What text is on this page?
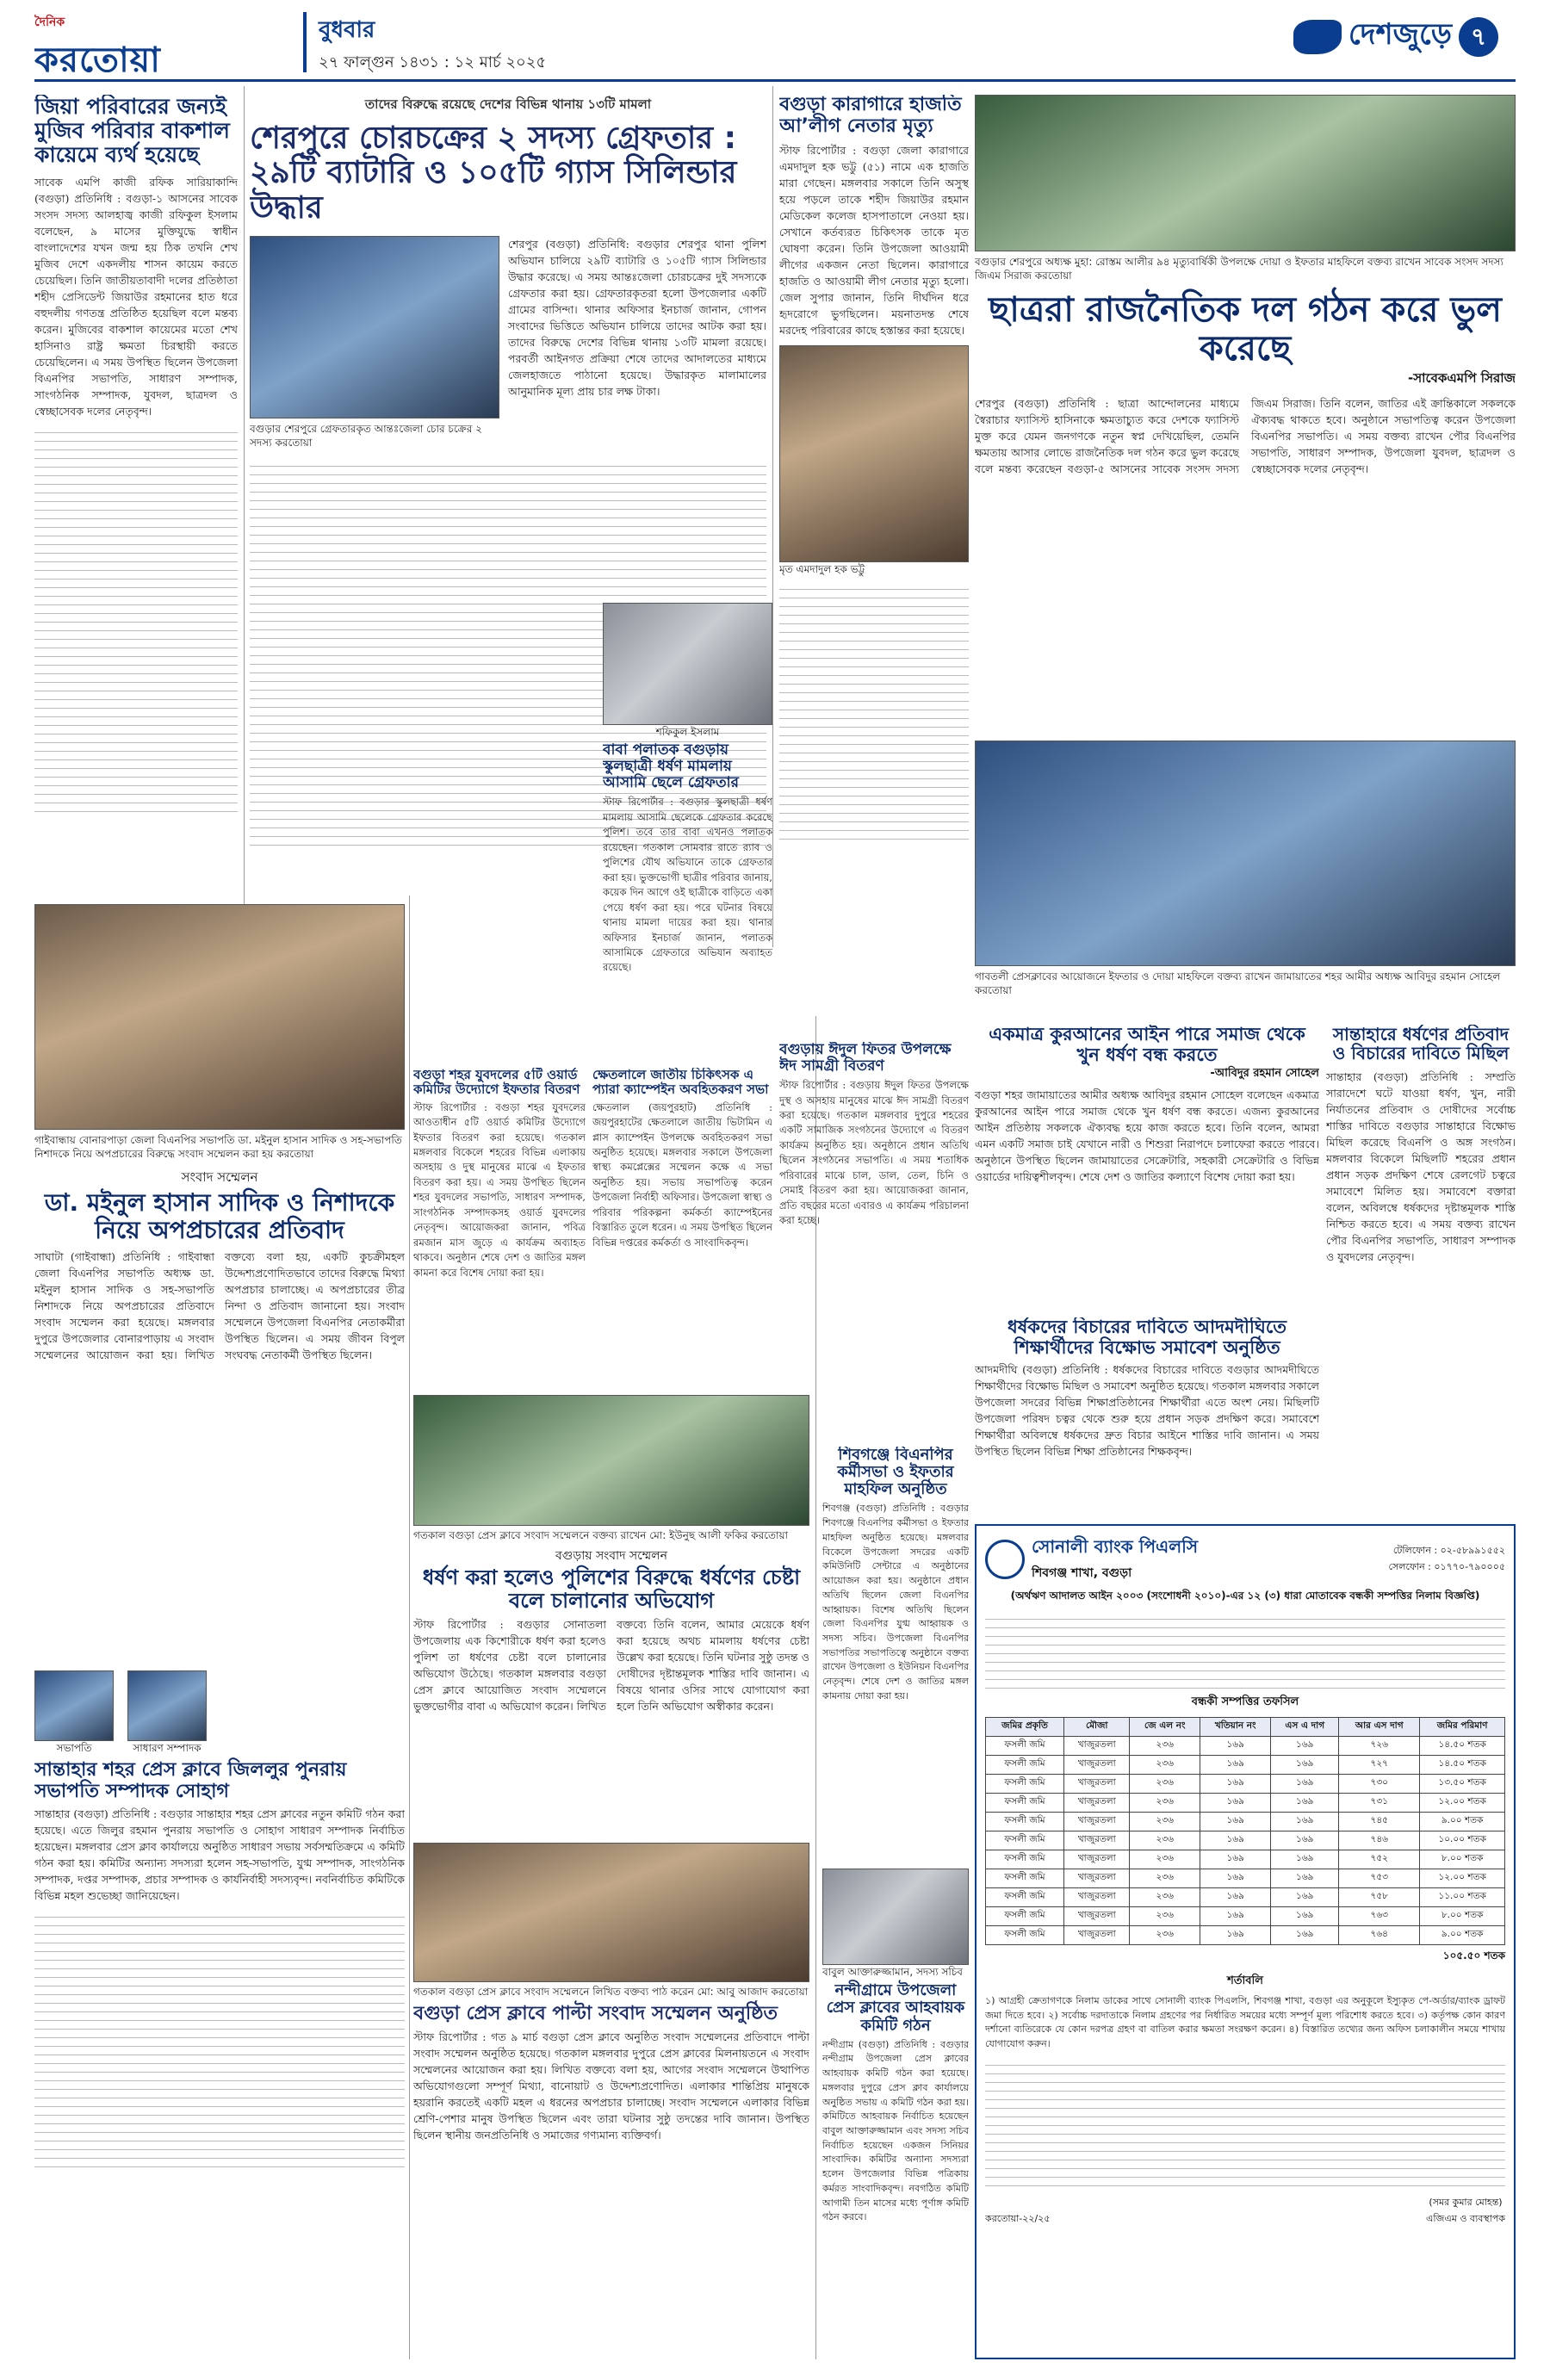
দৈনিক
করতোয়া
বুধবার
২৭ ফাল্গুন ১৪৩১ : ১২ মার্চ ২০২৫
দেশজুড়ে ৭
জিয়া পরিবারের জন্যই মুজিব পরিবার বাকশাল কায়েমে ব্যর্থ হয়েছে
সাবেক এমপি কাজী রফিক সারিয়াকান্দি (বগুড়া) প্রতিনিধি : বগুড়া-১ আসনের সাবেক সংসদ সদস্য আলহাজ্ব কাজী রফিকুল ইসলাম বলেছেন, ৯ মাসের মুক্তিযুদ্ধে স্বাধীন বাংলাদেশের যখন জন্ম হয় ঠিক তখনি শেখ মুজিব দেশে একদলীয় শাসন কায়েম করতে চেয়েছিল। তিনি জাতীয়তাবাদী দলের প্রতিষ্ঠাতা শহীদ প্রেসিডেন্ট জিয়াউর রহমানের হাত ধরে বহুদলীয় গণতন্ত্র প্রতিষ্ঠিত হয়েছিল বলে মন্তব্য করেন। মুজিবের বাকশাল কায়েমের মতো শেখ হাসিনাও রাষ্ট্র ক্ষমতা চিরস্থায়ী করতে চেয়েছিলেন। এ সময় উপস্থিত ছিলেন উপজেলা বিএনপির সভাপতি, সাধারণ সম্পাদক, সাংগঠনিক সম্পাদক, যুবদল, ছাত্রদল ও স্বেচ্ছাসেবক দলের নেতৃবৃন্দ।
তাদের বিরুদ্ধে রয়েছে দেশের বিভিন্ন থানায় ১৩টি মামলা
শেরপুরে চোরচক্রের ২ সদস্য গ্রেফতার : ২৯টি ব্যাটারি ও ১০৫টি গ্যাস সিলিন্ডার উদ্ধার
বগুড়ার শেরপুরে গ্রেফতারকৃত আন্তঃজেলা চোর চক্রের ২ সদস্য করতোয়া
শেরপুর (বগুড়া) প্রতিনিধি: বগুড়ার শেরপুর থানা পুলিশ অভিযান চালিয়ে ২৯টি ব্যাটারি ও ১০৫টি গ্যাস সিলিন্ডার উদ্ধার করেছে। এ সময় আন্তঃজেলা চোরচক্রের দুই সদস্যকে গ্রেফতার করা হয়। গ্রেফতারকৃতরা হলো উপজেলার একটি গ্রামের বাসিন্দা। থানার অফিসার ইনচার্জ জানান, গোপন সংবাদের ভিত্তিতে অভিযান চালিয়ে তাদের আটক করা হয়। তাদের বিরুদ্ধে দেশের বিভিন্ন থানায় ১৩টি মামলা রয়েছে। পরবর্তী আইনগত প্রক্রিয়া শেষে তাদের আদালতের মাধ্যমে জেলহাজতে পাঠানো হয়েছে। উদ্ধারকৃত মালামালের আনুমানিক মূল্য প্রায় চার লক্ষ টাকা।
বগুড়া কারাগারে হাজতি আ’লীগ নেতার মৃত্যু
স্টাফ রিপোর্টার : বগুড়া জেলা কারাগারে এমদাদুল হক ভট্টু (৫১) নামে এক হাজতি মারা গেছেন। মঙ্গলবার সকালে তিনি অসুস্থ হয়ে পড়লে তাকে শহীদ জিয়াউর রহমান মেডিকেল কলেজ হাসপাতালে নেওয়া হয়। সেখানে কর্তব্যরত চিকিৎসক তাকে মৃত ঘোষণা করেন। তিনি উপজেলা আওয়ামী লীগের একজন নেতা ছিলেন। কারাগারে হাজতি ও আওয়ামী লীগ নেতার মৃত্যু হলো। জেল সুপার জানান, তিনি দীর্ঘদিন ধরে হৃদরোগে ভুগছিলেন। ময়নাতদন্ত শেষে মরদেহ পরিবারের কাছে হস্তান্তর করা হয়েছে।
মৃত এমদাদুল হক ভট্টু
বগুড়ার শেরপুরে অধ্যক্ষ মুহা: রোস্তম আলীর ৯৪ মৃত্যুবার্ষিকী উপলক্ষে দোয়া ও ইফতার মাহফিলে বক্তব্য রাখেন সাবেক সংসদ সদস্য জিএম সিরাজ করতোয়া
ছাত্ররা রাজনৈতিক দল গঠন করে ভুল করেছে
-সাবেকএমপি সিরাজ
শেরপুর (বগুড়া) প্রতিনিধি : ছাত্রা আন্দোলনের মাধ্যমে স্বৈরাচার ফ্যাসিস্ট হাসিনাকে ক্ষমতাচ্যুত করে দেশকে ফ্যাসিস্ট মুক্ত করে যেমন জনগণকে নতুন স্বপ্ন দেখিয়েছিল, তেমনি ক্ষমতায় আসার লোভে রাজনৈতিক দল গঠন করে ভুল করেছে বলে মন্তব্য করেছেন বগুড়া-৫ আসনের সাবেক সংসদ সদস্য জিএম সিরাজ। তিনি বলেন, জাতির এই ক্রান্তিকালে সকলকে ঐক্যবদ্ধ থাকতে হবে। অনুষ্ঠানে সভাপতিত্ব করেন উপজেলা বিএনপির সভাপতি। এ সময় বক্তব্য রাখেন পৌর বিএনপির সভাপতি, সাধারণ সম্পাদক, উপজেলা যুবদল, ছাত্রদল ও স্বেচ্ছাসেবক দলের নেতৃবৃন্দ।
গাবতলী প্রেসক্লাবের আয়োজনে ইফতার ও দোয়া মাহফিলে বক্তব্য রাখেন জামায়াতের শহর আমীর অধ্যক্ষ আবিদুর রহমান সোহেল করতোয়া
একমাত্র কুরআনের আইন পারে সমাজ থেকে খুন ধর্ষণ বন্ধ করতে
-আবিদুর রহমান সোহেল
বগুড়া শহর জামায়াতের আমীর অধ্যক্ষ আবিদুর রহমান সোহেল বলেছেন একমাত্র কুরআনের আইন পারে সমাজ থেকে খুন ধর্ষণ বন্ধ করতে। এজন্য কুরআনের আইন প্রতিষ্ঠায় সকলকে ঐক্যবদ্ধ হয়ে কাজ করতে হবে। তিনি বলেন, আমরা এমন একটি সমাজ চাই যেখানে নারী ও শিশুরা নিরাপদে চলাফেরা করতে পারবে। অনুষ্ঠানে উপস্থিত ছিলেন জামায়াতের সেক্রেটারি, সহকারী সেক্রেটারি ও বিভিন্ন ওয়ার্ডের দায়িত্বশীলবৃন্দ। শেষে দেশ ও জাতির কল্যাণে বিশেষ দোয়া করা হয়।
সান্তাহারে ধর্ষণের প্রতিবাদ ও বিচারের দাবিতে মিছিল
সান্তাহার (বগুড়া) প্রতিনিধি : সম্প্রতি সারাদেশে ঘটে যাওয়া ধর্ষণ, খুন, নারী নির্যাতনের প্রতিবাদ ও দোষীদের সর্বোচ্চ শাস্তির দাবিতে বগুড়ার সান্তাহারে বিক্ষোভ মিছিল করেছে বিএনপি ও অঙ্গ সংগঠন। মঙ্গলবার বিকেলে মিছিলটি শহরের প্রধান প্রধান সড়ক প্রদক্ষিণ শেষে রেলগেট চত্বরে সমাবেশে মিলিত হয়। সমাবেশে বক্তারা বলেন, অবিলম্বে ধর্ষকদের দৃষ্টান্তমূলক শাস্তি নিশ্চিত করতে হবে। এ সময় বক্তব্য রাখেন পৌর বিএনপির সভাপতি, সাধারণ সম্পাদক ও যুবদলের নেতৃবৃন্দ।
ধর্ষকদের বিচারের দাবিতে আদমদীঘিতে শিক্ষার্থীদের বিক্ষোভ সমাবেশ অনুষ্ঠিত
আদমদীঘি (বগুড়া) প্রতিনিধি : ধর্ষকদের বিচারের দাবিতে বগুড়ার আদমদীঘিতে শিক্ষার্থীদের বিক্ষোভ মিছিল ও সমাবেশ অনুষ্ঠিত হয়েছে। গতকাল মঙ্গলবার সকালে উপজেলা সদরের বিভিন্ন শিক্ষাপ্রতিষ্ঠানের শিক্ষার্থীরা এতে অংশ নেয়। মিছিলটি উপজেলা পরিষদ চত্বর থেকে শুরু হয়ে প্রধান সড়ক প্রদক্ষিণ করে। সমাবেশে শিক্ষার্থীরা অবিলম্বে ধর্ষকদের দ্রুত বিচার আইনে শাস্তির দাবি জানান। এ সময় উপস্থিত ছিলেন বিভিন্ন শিক্ষা প্রতিষ্ঠানের শিক্ষকবৃন্দ।
শফিকুল ইসলাম
বাবা পলাতক বগুড়ায় স্কুলছাত্রী ধর্ষণ মামলায় আসামি ছেলে গ্রেফতার
স্টাফ রিপোর্টার : বগুড়ার স্কুলছাত্রী ধর্ষণ মামলায় আসামি ছেলেকে গ্রেফতার করেছে পুলিশ। তবে তার বাবা এখনও পলাতক রয়েছেন। গতকাল সোমবার রাতে র‍্যাব ও পুলিশের যৌথ অভিযানে তাকে গ্রেফতার করা হয়। ভুক্তভোগী ছাত্রীর পরিবার জানায়, কয়েক দিন আগে ওই ছাত্রীকে বাড়িতে একা পেয়ে ধর্ষণ করা হয়। পরে ঘটনার বিষয়ে থানায় মামলা দায়ের করা হয়। থানার অফিসার ইনচার্জ জানান, পলাতক আসামিকে গ্রেফতারে অভিযান অব্যাহত রয়েছে।
গাইবান্ধায় বোনারপাড়া জেলা বিএনপির সভাপতি ডা. মইনুল হাসান সাদিক ও সহ-সভাপতি নিশাদকে নিয়ে অপপ্রচারের বিরুদ্ধে সংবাদ সম্মেলন করা হয় করতোয়া
সংবাদ সম্মেলন
ডা. মইনুল হাসান সাদিক ও নিশাদকে নিয়ে অপপ্রচারের প্রতিবাদ
সাঘাটা (গাইবান্ধা) প্রতিনিধি : গাইবান্ধা জেলা বিএনপির সভাপতি অধ্যক্ষ ডা. মইনুল হাসান সাদিক ও সহ-সভাপতি নিশাদকে নিয়ে অপপ্রচারের প্রতিবাদে সংবাদ সম্মেলন করা হয়েছে। মঙ্গলবার দুপুরে উপজেলার বোনারপাড়ায় এ সংবাদ সম্মেলনের আয়োজন করা হয়। লিখিত বক্তব্যে বলা হয়, একটি কুচক্রীমহল উদ্দেশ্যপ্রণোদিতভাবে তাদের বিরুদ্ধে মিথ্যা অপপ্রচার চালাচ্ছে। এ অপপ্রচারের তীব্র নিন্দা ও প্রতিবাদ জানানো হয়। সংবাদ সম্মেলনে উপজেলা বিএনপির নেতাকর্মীরা উপস্থিত ছিলেন। এ সময় জীবন বিপুল সংঘবদ্ধ নেতাকর্মী উপস্থিত ছিলেন।
বগুড়া শহর যুবদলের ৫টি ওয়ার্ড কমিটির উদ্যোগে ইফতার বিতরণ
স্টাফ রিপোর্টার : বগুড়া শহর যুবদলের আওতাধীন ৫টি ওয়ার্ড কমিটির উদ্যোগে ইফতার বিতরণ করা হয়েছে। গতকাল মঙ্গলবার বিকেলে শহরের বিভিন্ন এলাকায় অসহায় ও দুস্থ মানুষের মাঝে এ ইফতার বিতরণ করা হয়। এ সময় উপস্থিত ছিলেন শহর যুবদলের সভাপতি, সাধারণ সম্পাদক, সাংগঠনিক সম্পাদকসহ ওয়ার্ড যুবদলের নেতৃবৃন্দ। আয়োজকরা জানান, পবিত্র রমজান মাস জুড়ে এ কার্যক্রম অব্যাহত থাকবে। অনুষ্ঠান শেষে দেশ ও জাতির মঙ্গল কামনা করে বিশেষ দোয়া করা হয়।
ক্ষেতলালে জাতীয় চিকিৎসক এ প্যারা ক্যাম্পেইন অবহিতকরণ সভা
ক্ষেতলাল (জয়পুরহাট) প্রতিনিধি : জয়পুরহাটের ক্ষেতলালে জাতীয় ভিটামিন এ প্লাস ক্যাম্পেইন উপলক্ষে অবহিতকরণ সভা অনুষ্ঠিত হয়েছে। মঙ্গলবার সকালে উপজেলা স্বাস্থ্য কমপ্লেক্সের সম্মেলন কক্ষে এ সভা অনুষ্ঠিত হয়। সভায় সভাপতিত্ব করেন উপজেলা নির্বাহী অফিসার। উপজেলা স্বাস্থ্য ও পরিবার পরিকল্পনা কর্মকর্তা ক্যাম্পেইনের বিস্তারিত তুলে ধরেন। এ সময় উপস্থিত ছিলেন বিভিন্ন দপ্তরের কর্মকর্তা ও সাংবাদিকবৃন্দ।
বগুড়ায় ঈদুল ফিতর উপলক্ষে ঈদ সামগ্রী বিতরণ
স্টাফ রিপোর্টার : বগুড়ায় ঈদুল ফিতর উপলক্ষে দুস্থ ও অসহায় মানুষের মাঝে ঈদ সামগ্রী বিতরণ করা হয়েছে। গতকাল মঙ্গলবার দুপুরে শহরের একটি সামাজিক সংগঠনের উদ্যোগে এ বিতরণ কার্যক্রম অনুষ্ঠিত হয়। অনুষ্ঠানে প্রধান অতিথি ছিলেন সংগঠনের সভাপতি। এ সময় শতাধিক পরিবারের মাঝে চাল, ডাল, তেল, চিনি ও সেমাই বিতরণ করা হয়। আয়োজকরা জানান, প্রতি বছরের মতো এবারও এ কার্যক্রম পরিচালনা করা হচ্ছে।
গতকাল বগুড়া প্রেস ক্লাবে সংবাদ সম্মেলনে বক্তব্য রাখেন মো: ইউনুছ আলী ফকির করতোয়া
বগুড়ায় সংবাদ সম্মেলন
ধর্ষণ করা হলেও পুলিশের বিরুদ্ধে ধর্ষণের চেষ্টা বলে চালানোর অভিযোগ
স্টাফ রিপোর্টার : বগুড়ার সোনাতলা উপজেলায় এক কিশোরীকে ধর্ষণ করা হলেও পুলিশ তা ধর্ষণের চেষ্টা বলে চালানোর অভিযোগ উঠেছে। গতকাল মঙ্গলবার বগুড়া প্রেস ক্লাবে আয়োজিত সংবাদ সম্মেলনে ভুক্তভোগীর বাবা এ অভিযোগ করেন। লিখিত বক্তব্যে তিনি বলেন, আমার মেয়েকে ধর্ষণ করা হয়েছে অথচ মামলায় ধর্ষণের চেষ্টা উল্লেখ করা হয়েছে। তিনি ঘটনার সুষ্ঠু তদন্ত ও দোষীদের দৃষ্টান্তমূলক শাস্তির দাবি জানান। এ বিষয়ে থানার ওসির সাথে যোগাযোগ করা হলে তিনি অভিযোগ অস্বীকার করেন।
শিবগঞ্জে বিএনপির কর্মীসভা ও ইফতার মাহফিল অনুষ্ঠিত
শিবগঞ্জ (বগুড়া) প্রতিনিধি : বগুড়ার শিবগঞ্জে বিএনপির কর্মীসভা ও ইফতার মাহফিল অনুষ্ঠিত হয়েছে। মঙ্গলবার বিকেলে উপজেলা সদরের একটি কমিউনিটি সেন্টারে এ অনুষ্ঠানের আয়োজন করা হয়। অনুষ্ঠানে প্রধান অতিথি ছিলেন জেলা বিএনপির আহ্বায়ক। বিশেষ অতিথি ছিলেন জেলা বিএনপির যুগ্ম আহ্বায়ক ও সদস্য সচিব। উপজেলা বিএনপির সভাপতির সভাপতিত্বে অনুষ্ঠানে বক্তব্য রাখেন উপজেলা ও ইউনিয়ন বিএনপির নেতৃবৃন্দ। শেষে দেশ ও জাতির মঙ্গল কামনায় দোয়া করা হয়।
গতকাল বগুড়া প্রেস ক্লাবে সংবাদ সম্মেলনে লিখিত বক্তব্য পাঠ করেন মো: আবু আজাদ করতোয়া
বগুড়া প্রেস ক্লাবে পাল্টা সংবাদ সম্মেলন অনুষ্ঠিত
স্টাফ রিপোর্টার : গত ৯ মার্চ বগুড়া প্রেস ক্লাবে অনুষ্ঠিত সংবাদ সম্মেলনের প্রতিবাদে পাল্টা সংবাদ সম্মেলন অনুষ্ঠিত হয়েছে। গতকাল মঙ্গলবার দুপুরে প্রেস ক্লাবের মিলনায়তনে এ সংবাদ সম্মেলনের আয়োজন করা হয়। লিখিত বক্তব্যে বলা হয়, আগের সংবাদ সম্মেলনে উত্থাপিত অভিযোগগুলো সম্পূর্ণ মিথ্যা, বানোয়াট ও উদ্দেশ্যপ্রণোদিত। এলাকার শান্তিপ্রিয় মানুষকে হয়রানি করতেই একটি মহল এ ধরনের অপপ্রচার চালাচ্ছে। সংবাদ সম্মেলনে এলাকার বিভিন্ন শ্রেণি-পেশার মানুষ উপস্থিত ছিলেন এবং তারা ঘটনার সুষ্ঠু তদন্তের দাবি জানান। উপস্থিত ছিলেন স্থানীয় জনপ্রতিনিধি ও সমাজের গণ্যমান্য ব্যক্তিবর্গ।
সভাপতি	সাধারণ সম্পাদক
সান্তাহার শহর প্রেস ক্লাবে জিললুর পুনরায় সভাপতি সম্পাদক সোহাগ
সান্তাহার (বগুড়া) প্রতিনিধি : বগুড়ার সান্তাহার শহর প্রেস ক্লাবের নতুন কমিটি গঠন করা হয়েছে। এতে জিলুর রহমান পুনরায় সভাপতি ও সোহাগ সাধারণ সম্পাদক নির্বাচিত হয়েছেন। মঙ্গলবার প্রেস ক্লাব কার্যালয়ে অনুষ্ঠিত সাধারণ সভায় সর্বসম্মতিক্রমে এ কমিটি গঠন করা হয়। কমিটির অন্যান্য সদস্যরা হলেন সহ-সভাপতি, যুগ্ম সম্পাদক, সাংগঠনিক সম্পাদক, দপ্তর সম্পাদক, প্রচার সম্পাদক ও কার্যনির্বাহী সদস্যবৃন্দ। নবনির্বাচিত কমিটিকে বিভিন্ন মহল শুভেচ্ছা জানিয়েছেন।
বাবুল আক্তারুজ্জামান, সদস্য সচিব
নন্দীগ্রামে উপজেলা প্রেস ক্লাবের আহবায়ক কমিটি গঠন
নন্দীগ্রাম (বগুড়া) প্রতিনিধি : বগুড়ার নন্দীগ্রাম উপজেলা প্রেস ক্লাবের আহবায়ক কমিটি গঠন করা হয়েছে। মঙ্গলবার দুপুরে প্রেস ক্লাব কার্যালয়ে অনুষ্ঠিত সভায় এ কমিটি গঠন করা হয়। কমিটিতে আহবায়ক নির্বাচিত হয়েছেন বাবুল আক্তারুজ্জামান এবং সদস্য সচিব নির্বাচিত হয়েছেন একজন সিনিয়র সাংবাদিক। কমিটির অন্যান্য সদস্যরা হলেন উপজেলার বিভিন্ন পত্রিকায় কর্মরত সাংবাদিকবৃন্দ। নবগঠিত কমিটি আগামী তিন মাসের মধ্যে পূর্ণাঙ্গ কমিটি গঠন করবে।
সোনালী ব্যাংক পিএলসি
শিবগঞ্জ শাখা, বগুড়া
টেলিফোন : ০২-৫৮৯৯১৫৫২
সেলফোন : ০১৭৭০-৭৯০০০৫
(অর্থঋণ আদালত আইন ২০০৩ (সংশোধনী ২০১০)-এর ১২ (৩) ধারা মোতাবেক বন্ধকী সম্পত্তির নিলাম বিজ্ঞপ্তি)
বন্ধকী সম্পত্তির তফসিল
জমির প্রকৃতি	মৌজা	জে এল নং	খতিয়ান নং	এস এ দাগ	আর এস দাগ	জমির পরিমাণ
ফসলী জমি	খাজুরতলা	২৩৬	১৬৯	১৬৯	৭২৬	১৪.৫০ শতক
ফসলী জমি	খাজুরতলা	২৩৬	১৬৯	১৬৯	৭২৭	১৪.৫০ শতক
ফসলী জমি	খাজুরতলা	২৩৬	১৬৯	১৬৯	৭৩০	১৩.৫০ শতক
ফসলী জমি	খাজুরতলা	২৩৬	১৬৯	১৬৯	৭৩১	১২.০০ শতক
ফসলী জমি	খাজুরতলা	২৩৬	১৬৯	১৬৯	৭৪৫	৯.০০ শতক
ফসলী জমি	খাজুরতলা	২৩৬	১৬৯	১৬৯	৭৪৬	১০.০০ শতক
ফসলী জমি	খাজুরতলা	২৩৬	১৬৯	১৬৯	৭৫২	৮.০০ শতক
ফসলী জমি	খাজুরতলা	২৩৬	১৬৯	১৬৯	৭৫৩	১২.০০ শতক
ফসলী জমি	খাজুরতলা	২৩৬	১৬৯	১৬৯	৭৫৮	১১.০০ শতক
ফসলী জমি	খাজুরতলা	২৩৬	১৬৯	১৬৯	৭৬৩	৮.০০ শতক
ফসলী জমি	খাজুরতলা	২৩৬	১৬৯	১৬৯	৭৬৪	৯.০০ শতক
১০৫.৫০ শতক
শর্তাবলি
১) আগ্রহী ক্রেতাগণকে নিলাম ডাকের সাথে সোনালী ব্যাংক পিএলসি, শিবগঞ্জ শাখা, বগুড়া এর অনুকূলে ইস্যুকৃত পে-অর্ডার/ব্যাংক ড্রাফট জমা দিতে হবে। ২) সর্বোচ্চ দরদাতাকে নিলাম গ্রহণের পর নির্ধারিত সময়ের মধ্যে সম্পূর্ণ মূল্য পরিশোধ করতে হবে। ৩) কর্তৃপক্ষ কোন কারণ দর্শানো ব্যতিরেকে যে কোন দরপত্র গ্রহণ বা বাতিল করার ক্ষমতা সংরক্ষণ করেন। ৪) বিস্তারিত তথ্যের জন্য অফিস চলাকালীন সময়ে শাখায় যোগাযোগ করুন।
করতোয়া-২২/২৫
(সমর কুমার মোহন্ত)
এজিএম ও ব্যবস্থাপক
